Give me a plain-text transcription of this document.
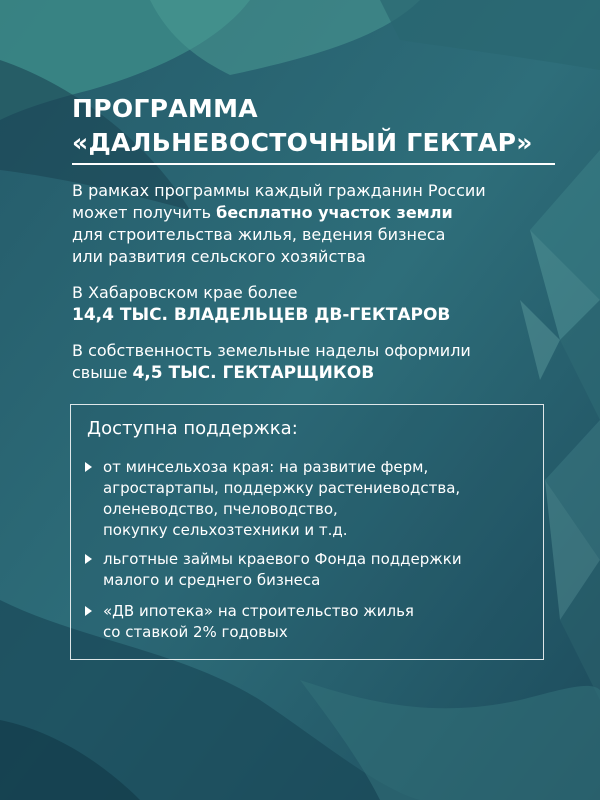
ПРОГРАММА
«ДАЛЬНЕВОСТОЧНЫЙ ГЕКТАР»
В рамках программы каждый гражданин России
может получить бесплатно участок земли
для строительства жилья, ведения бизнеса
или развития сельского хозяйства
В Хабаровском крае более
14,4 ТЫС. ВЛАДЕЛЬЦЕВ ДВ-ГЕКТАРОВ
В собственность земельные наделы оформили
свыше 4,5 ТЫС. ГЕКТАРЩИКОВ
Доступна поддержка:
от минсельхоза края: на развитие ферм,
агростартапы, поддержку растениеводства,
оленеводство, пчеловодство,
покупку сельхозтехники и т.д.
льготные займы краевого Фонда поддержки
малого и среднего бизнеса
«ДВ ипотека» на строительство жилья
со ставкой 2% годовых
